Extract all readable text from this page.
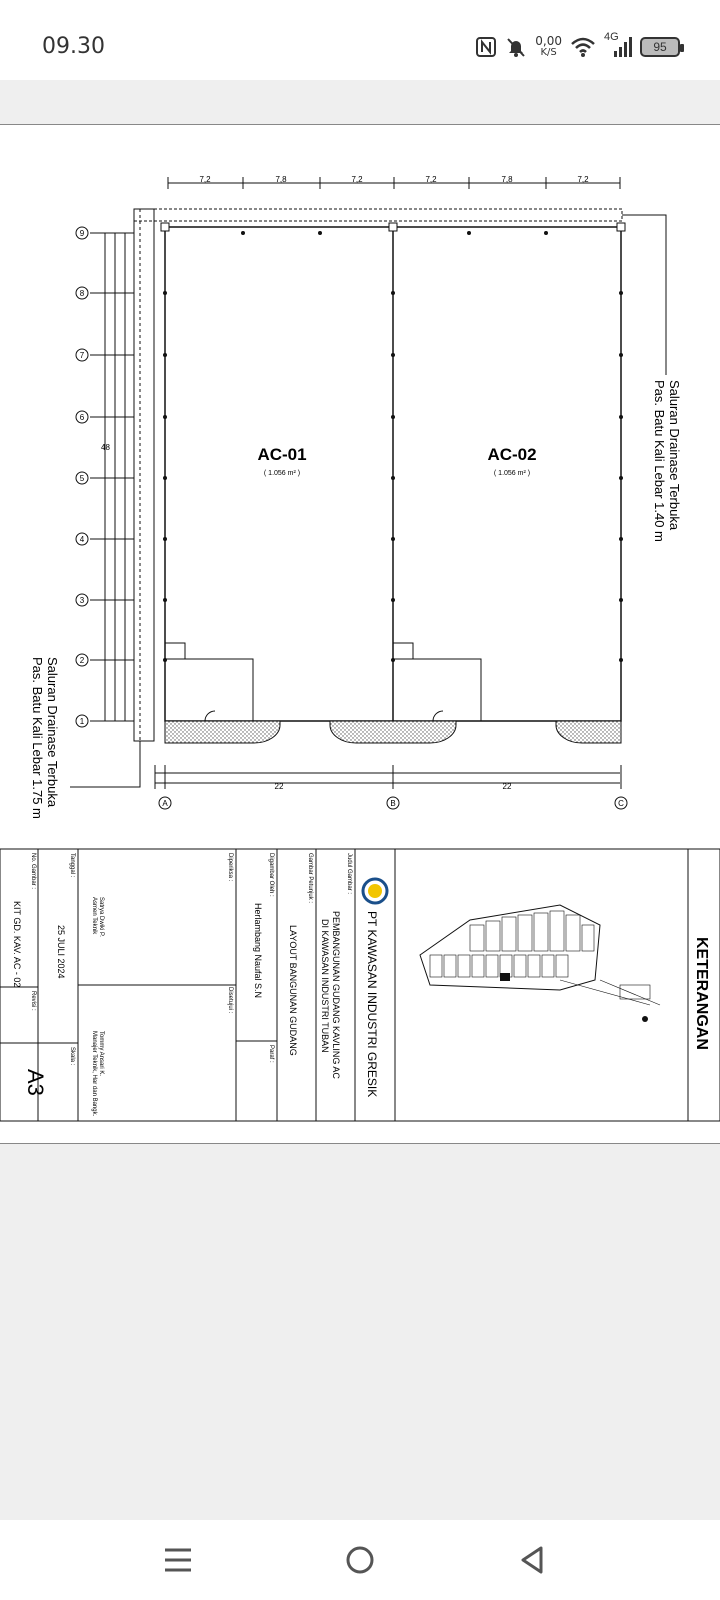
09.30	0,00
K/S
4G
95
7,2	7,8	7,2	7,2	7,8	7,2
AC-01
( 1.056 m² )
AC-02
( 1.056 m² )
48
1
2
3
4
5
6
7
8
9
22	22
A	B	C
Saluran Drainase Terbuka
Pas. Batu Kali Lebar 1.40 m
Saluran Drainase Terbuka
Pas. Batu Kali Lebar 1.75 m
KETERANGAN
PT KAWASAN INDUSTRI GRESIK
Judul Gambar :
PEMBANGUNAN GUDANG KAVLING AC
DI KAWASAN INDUSTRI TUBAN
Gambar Petunjuk :
LAYOUT BANGUNAN GUDANG
Digambar Oleh :
Herlambang Naufal S.N
Paraf :
Diperiksa :
Disetujui :
Satrya Dwiki P.
Asmen Teknik
Tommy Ansari K.
Manajer Teknik, Har dan Bangk.
Tanggal :
25 JULI 2024
Skala :
No. Gambar :
KIT GD. KAV. AC - 02
Revisi :
A3
